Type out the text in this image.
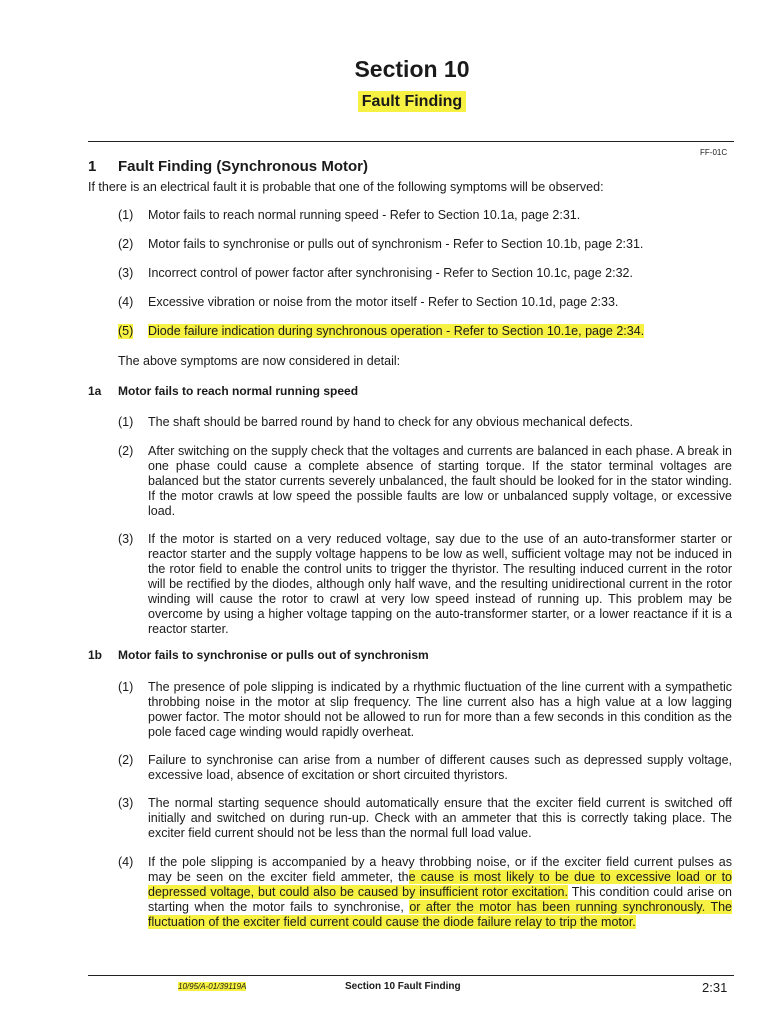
Section 10
Fault Finding
FF-01C
1 Fault Finding (Synchronous Motor)
If there is an electrical fault it is probable that one of the following symptoms will be observed:
(1) Motor fails to reach normal running speed - Refer to Section 10.1a, page 2:31.
(2) Motor fails to synchronise or pulls out of synchronism - Refer to Section 10.1b, page 2:31.
(3) Incorrect control of power factor after synchronising - Refer to Section 10.1c, page 2:32.
(4) Excessive vibration or noise from the motor itself - Refer to Section 10.1d, page 2:33.
(5) Diode failure indication during synchronous operation - Refer to Section 10.1e, page 2:34.
The above symptoms are now considered in detail:
1a Motor fails to reach normal running speed
(1) The shaft should be barred round by hand to check for any obvious mechanical defects.
(2) After switching on the supply check that the voltages and currents are balanced in each phase. A break in one phase could cause a complete absence of starting torque. If the stator terminal voltages are balanced but the stator currents severely unbalanced, the fault should be looked for in the stator winding. If the motor crawls at low speed the possible faults are low or unbalanced supply voltage, or excessive load.
(3) If the motor is started on a very reduced voltage, say due to the use of an auto-transformer starter or reactor starter and the supply voltage happens to be low as well, sufficient voltage may not be induced in the rotor field to enable the control units to trigger the thyristor. The resulting induced current in the rotor will be rectified by the diodes, although only half wave, and the resulting unidirectional current in the rotor winding will cause the rotor to crawl at very low speed instead of running up. This problem may be overcome by using a higher voltage tapping on the auto-transformer starter, or a lower reactance if it is a reactor starter.
1b Motor fails to synchronise or pulls out of synchronism
(1) The presence of pole slipping is indicated by a rhythmic fluctuation of the line current with a sympathetic throbbing noise in the motor at slip frequency. The line current also has a high value at a low lagging power factor. The motor should not be allowed to run for more than a few seconds in this condition as the pole faced cage winding would rapidly overheat.
(2) Failure to synchronise can arise from a number of different causes such as depressed supply voltage, excessive load, absence of excitation or short circuited thyristors.
(3) The normal starting sequence should automatically ensure that the exciter field current is switched off initially and switched on during run-up. Check with an ammeter that this is correctly taking place. The exciter field current should not be less than the normal full load value.
(4) If the pole slipping is accompanied by a heavy throbbing noise, or if the exciter field current pulses as may be seen on the exciter field ammeter, the cause is most likely to be due to excessive load or to depressed voltage, but could also be caused by insufficient rotor excitation. This condition could arise on starting when the motor fails to synchronise, or after the motor has been running synchronously. The fluctuation of the exciter field current could cause the diode failure relay to trip the motor.
10/95/A-01/39119A	Section 10 Fault Finding	2:31
